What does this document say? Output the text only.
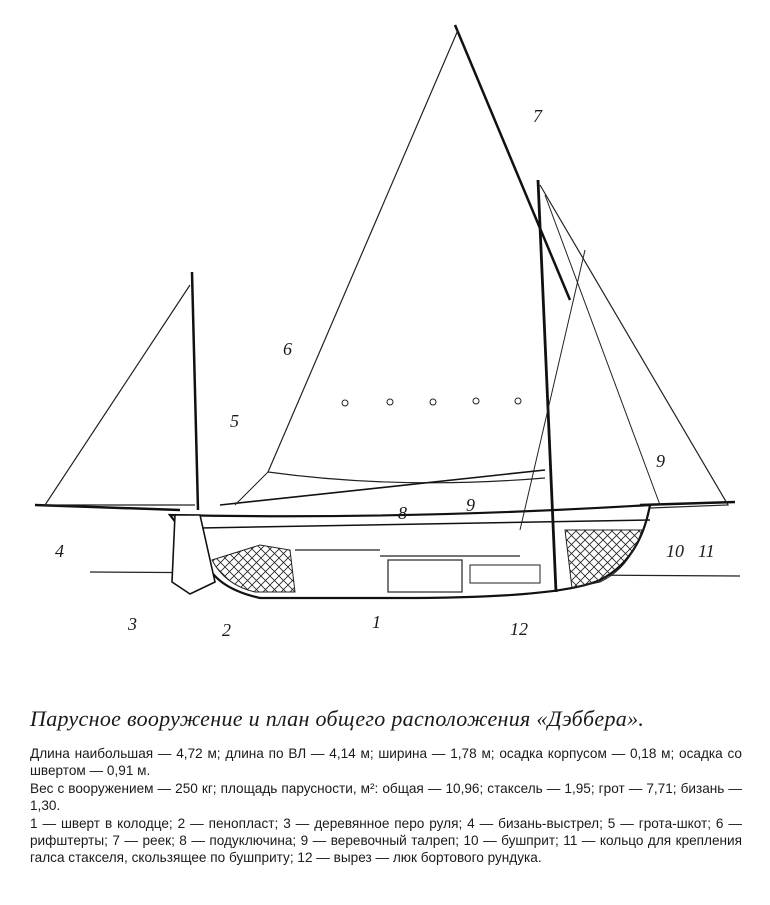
1
2
3
4
5
6
7
8	9
9
10 11
12
Парусное вооружение и план общего расположения «Дэббера».

Длина наибольшая — 4,72 м; длина по ВЛ — 4,14 м; ширина — 1,78 м; осадка корпусом — 0,18 м; осадка со швертом — 0,91 м.

Вес с вооружением — 250 кг; площадь парусности, м²: общая — 10,96; стаксель — 1,95; грот — 7,71; бизань — 1,30.

1 — шверт в колодце; 2 — пенопласт; 3 — деревянное перо руля; 4 — бизань-выстрел; 5 — грота-шкот; 6 — рифштерты; 7 — реек; 8 — подуключина; 9 — веревочный талреп; 10 — бушприт; 11 — кольцо для крепления галса стакселя, скользящее по бушприту; 12 — вырез — люк бортового рундука.
